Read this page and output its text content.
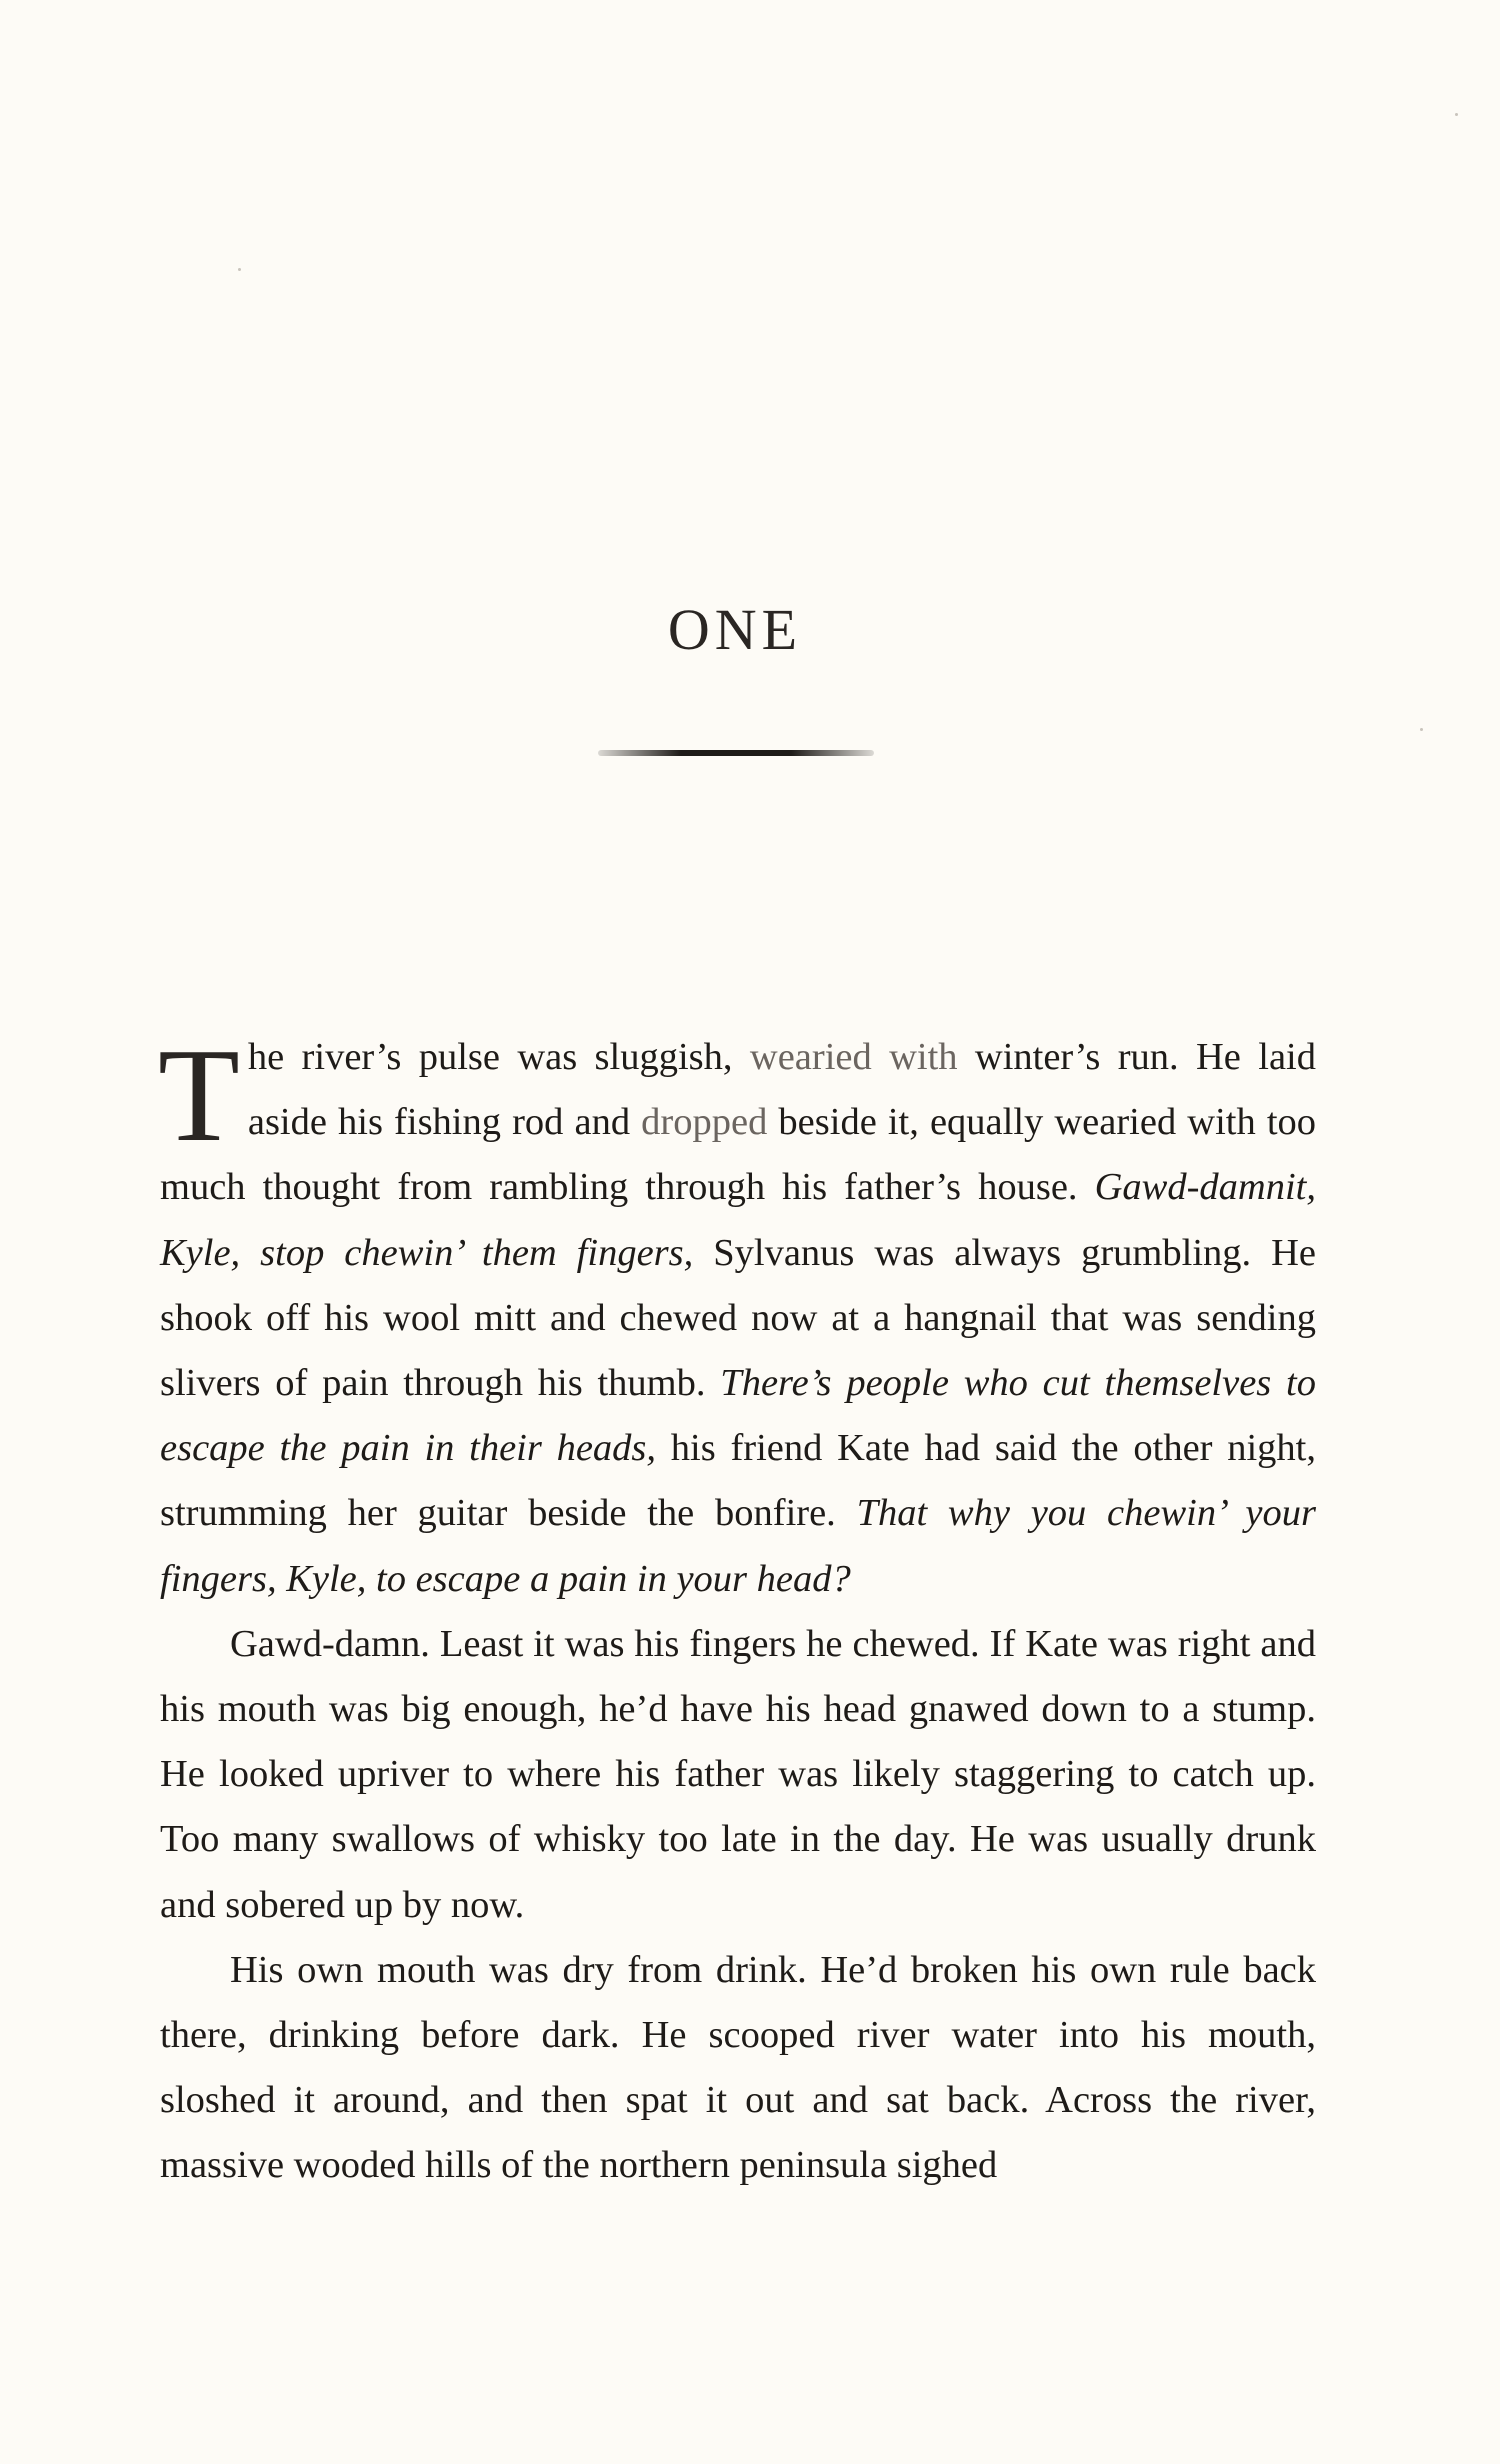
ONE

The river’s pulse was sluggish, wearied with winter’s run. He laid aside his fishing rod and dropped beside it, equally wearied with too much thought from rambling through his father’s house. Gawd-damnit, Kyle, stop chewin’ them fingers, Sylvanus was always grumbling. He shook off his wool mitt and chewed now at a hangnail that was sending slivers of pain through his thumb. There’s people who cut themselves to escape the pain in their heads, his friend Kate had said the other night, strumming her guitar beside the bonfire. That why you chewin’ your fingers, Kyle, to escape a pain in your head?

Gawd-damn. Least it was his fingers he chewed. If Kate was right and his mouth was big enough, he’d have his head gnawed down to a stump. He looked upriver to where his father was likely staggering to catch up. Too many swallows of whisky too late in the day. He was usually drunk and sobered up by now.

His own mouth was dry from drink. He’d broken his own rule back there, drinking before dark. He scooped river water into his mouth, sloshed it around, and then spat it out and sat back. Across the river, massive wooded hills of the northern peninsula sighed
